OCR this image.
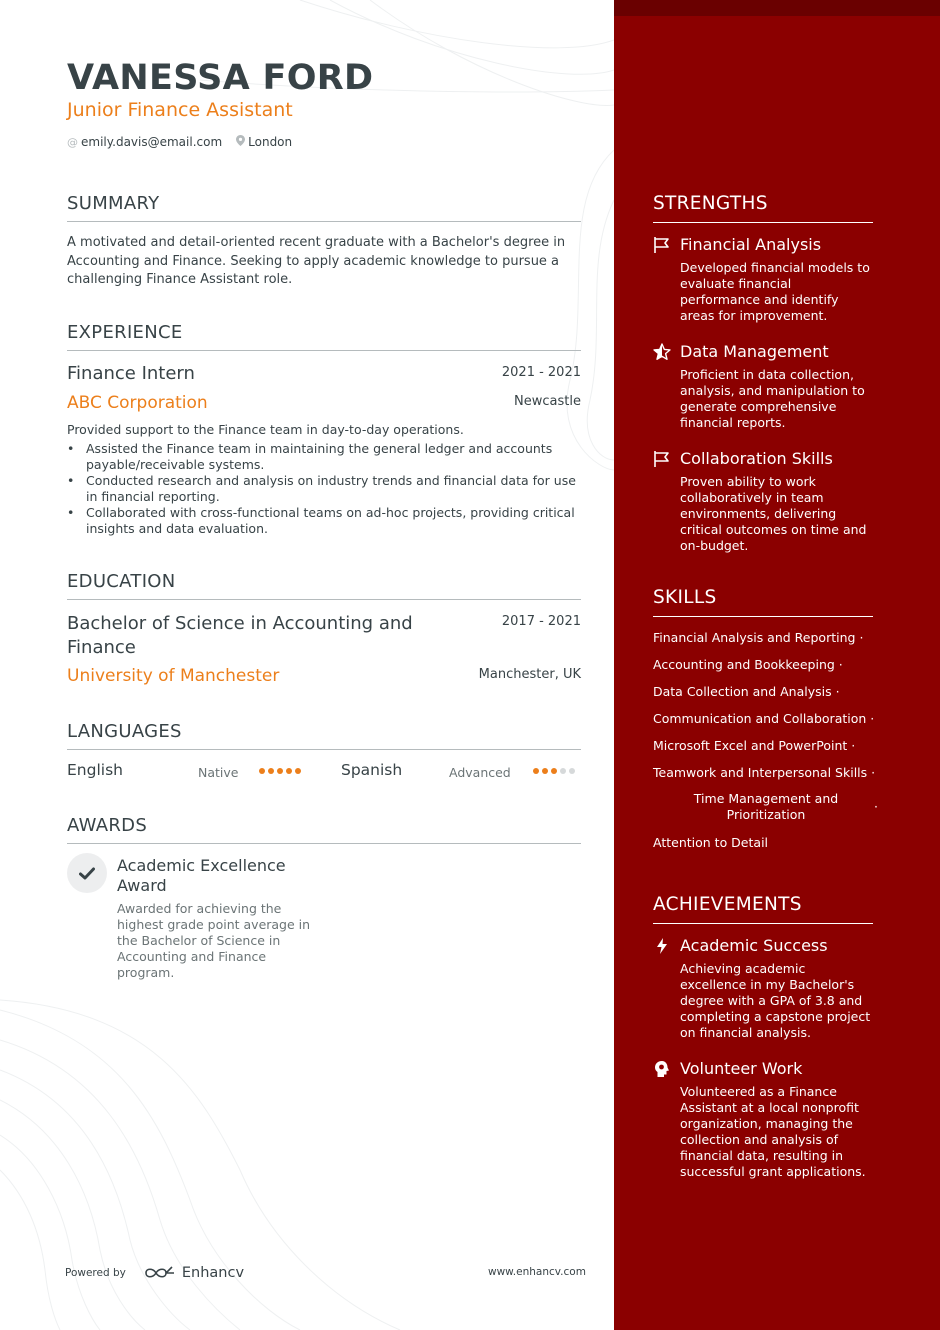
VANESSA FORD
Junior Finance Assistant
@ emily.davis@email.com London
SUMMARY
A motivated and detail-oriented recent graduate with a Bachelor's degree in Accounting and Finance. Seeking to apply academic knowledge to pursue a challenging Finance Assistant role.
EXPERIENCE
Finance Intern	2021 - 2021
ABC Corporation	Newcastle
Provided support to the Finance team in day-to-day operations.
• Assisted the Finance team in maintaining the general ledger and accounts payable/receivable systems.
• Conducted research and analysis on industry trends and financial data for use in financial reporting.
• Collaborated with cross-functional teams on ad-hoc projects, providing critical insights and data evaluation.
EDUCATION
Bachelor of Science in Accounting and Finance
2017 - 2021
University of Manchester	Manchester, UK
LANGUAGES
English	Native	Spanish	Advanced
AWARDS
Academic Excellence Award
Awarded for achieving the highest grade point average in the Bachelor of Science in Accounting and Finance program.
Powered by	Enhancv	www.enhancv.com
STRENGTHS
Financial Analysis
Developed financial models to evaluate financial performance and identify areas for improvement.
Data Management
Proficient in data collection, analysis, and manipulation to generate comprehensive financial reports.
Collaboration Skills
Proven ability to work collaboratively in team environments, delivering critical outcomes on time and on-budget.
SKILLS
Financial Analysis and Reporting ·
Accounting and Bookkeeping ·
Data Collection and Analysis ·
Communication and Collaboration ·
Microsoft Excel and PowerPoint ·
Teamwork and Interpersonal Skills ·
Time Management and Prioritization
·
Attention to Detail
ACHIEVEMENTS
Academic Success
Achieving academic excellence in my Bachelor's degree with a GPA of 3.8 and completing a capstone project on financial analysis.
Volunteer Work
Volunteered as a Finance Assistant at a local nonprofit organization, managing the collection and analysis of financial data, resulting in successful grant applications.
